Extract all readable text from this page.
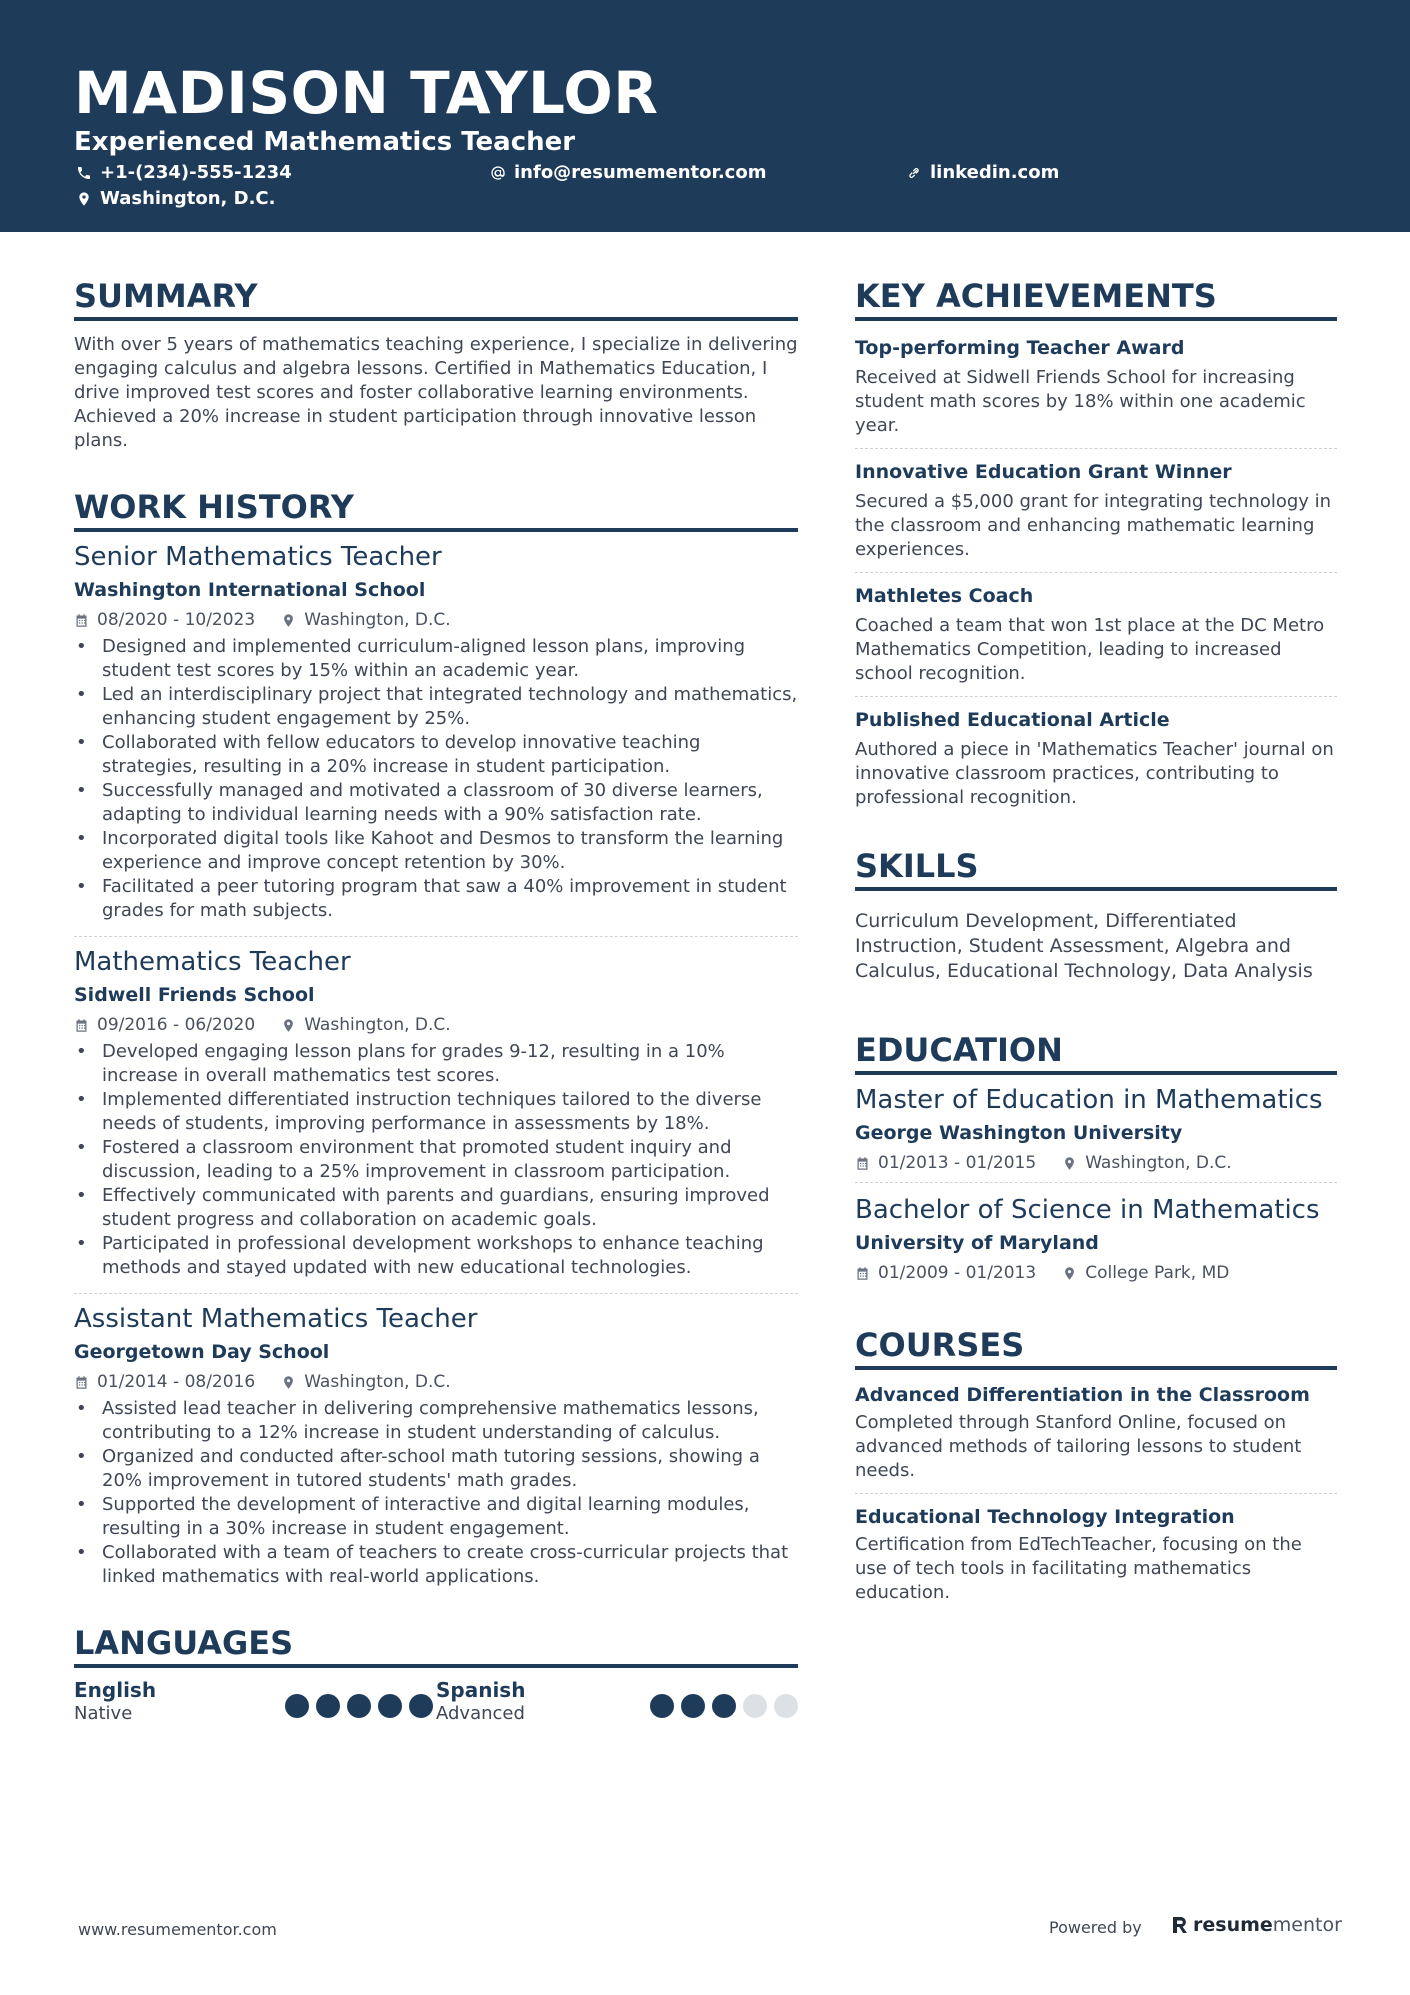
MADISON TAYLOR
Experienced Mathematics Teacher
+1-(234)-555-1234	info@resumementor.com	linkedin.com
Washington, D.C.
SUMMARY

With over 5 years of mathematics teaching experience, I specialize in delivering engaging calculus and algebra lessons. Certified in Mathematics Education, I drive improved test scores and foster collaborative learning environments. Achieved a 20% increase in student participation through innovative lesson plans.

WORK HISTORY
Senior Mathematics Teacher
Washington International School
08/2020 - 10/2023	Washington, D.C.
• Designed and implemented curriculum-aligned lesson plans, improving student test scores by 15% within an academic year.
• Led an interdisciplinary project that integrated technology and mathematics, enhancing student engagement by 25%.
• Collaborated with fellow educators to develop innovative teaching strategies, resulting in a 20% increase in student participation.
• Successfully managed and motivated a classroom of 30 diverse learners, adapting to individual learning needs with a 90% satisfaction rate.
• Incorporated digital tools like Kahoot and Desmos to transform the learning experience and improve concept retention by 30%.
• Facilitated a peer tutoring program that saw a 40% improvement in student grades for math subjects.
Mathematics Teacher
Sidwell Friends School
09/2016 - 06/2020	Washington, D.C.
• Developed engaging lesson plans for grades 9-12, resulting in a 10% increase in overall mathematics test scores.
• Implemented differentiated instruction techniques tailored to the diverse needs of students, improving performance in assessments by 18%.
• Fostered a classroom environment that promoted student inquiry and discussion, leading to a 25% improvement in classroom participation.
• Effectively communicated with parents and guardians, ensuring improved student progress and collaboration on academic goals.
• Participated in professional development workshops to enhance teaching methods and stayed updated with new educational technologies.
Assistant Mathematics Teacher
Georgetown Day School
01/2014 - 08/2016	Washington, D.C.
• Assisted lead teacher in delivering comprehensive mathematics lessons, contributing to a 12% increase in student understanding of calculus.
• Organized and conducted after-school math tutoring sessions, showing a 20% improvement in tutored students' math grades.
• Supported the development of interactive and digital learning modules, resulting in a 30% increase in student engagement.
• Collaborated with a team of teachers to create cross-curricular projects that linked mathematics with real-world applications.
LANGUAGES
English
Native
Spanish
Advanced
KEY ACHIEVEMENTS
Top-performing Teacher Award

Received at Sidwell Friends School for increasing student math scores by 18% within one academic year.

Innovative Education Grant Winner

Secured a $5,000 grant for integrating technology in the classroom and enhancing mathematic learning experiences.

Mathletes Coach

Coached a team that won 1st place at the DC Metro Mathematics Competition, leading to increased school recognition.

Published Educational Article

Authored a piece in 'Mathematics Teacher' journal on innovative classroom practices, contributing to professional recognition.

SKILLS

Curriculum Development, Differentiated Instruction, Student Assessment, Algebra and Calculus, Educational Technology, Data Analysis

EDUCATION
Master of Education in Mathematics
George Washington University
01/2013 - 01/2015	Washington, D.C.
Bachelor of Science in Mathematics
University of Maryland
01/2009 - 01/2013	College Park, MD
COURSES
Advanced Differentiation in the Classroom

Completed through Stanford Online, focused on advanced methods of tailoring lessons to student needs.

Educational Technology Integration

Certification from EdTechTeacher, focusing on the use of tech tools in facilitating mathematics education.

www.resumementor.com	Powered by	resumementor
